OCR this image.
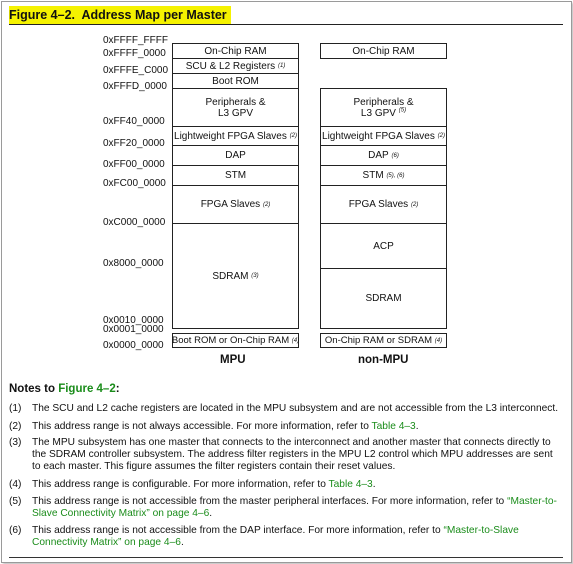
Figure 4–2. Address Map per Master
0xFFFF_FFFF
0xFFFF_0000
0xFFFE_C000
0xFFFD_0000
0xFF40_0000
0xFF20_0000
0xFF00_0000
0xFC00_0000
0xC000_0000
0x8000_0000
0x0010_0000
0x0001_0000
0x0000_0000
On-Chip RAM
SCU & L2 Registers
(1)
Boot ROM
Peripherals &
L3 GPV
Lightweight FPGA Slaves
(2)
DAP
STM
FPGA Slaves
(2)
SDRAM
(3)
Boot ROM or On-Chip RAM
(4)
MPU
On-Chip RAM
Peripherals &
L3 GPV $^{(5)}$
Lightweight FPGA Slaves
(2)
DAP
(6)
STM
(5), (6)
FPGA Slaves
(2)
ACP
SDRAM
On-Chip RAM or SDRAM
(4)
non-MPU
Notes to Figure 4–2:
(1) The SCU and L2 cache registers are located in the MPU subsystem and are not accessible from the L3 interconnect.
(2) This address range is not always accessible. For more information, refer to Table 4–3.
(3) The MPU subsystem has one master that connects to the interconnect and another master that connects directly to the SDRAM controller subsystem. The address filter registers in the MPU L2 control which MPU addresses are sent to each master. This figure assumes the filter registers contain their reset values.
(4) This address range is configurable. For more information, refer to Table 4–3.
(5) This address range is not accessible from the master peripheral interfaces. For more information, refer to “Master-to-Slave Connectivity Matrix” on page 4–6.
(6) This address range is not accessible from the DAP interface. For more information, refer to “Master-to-Slave Connectivity Matrix” on page 4–6.
